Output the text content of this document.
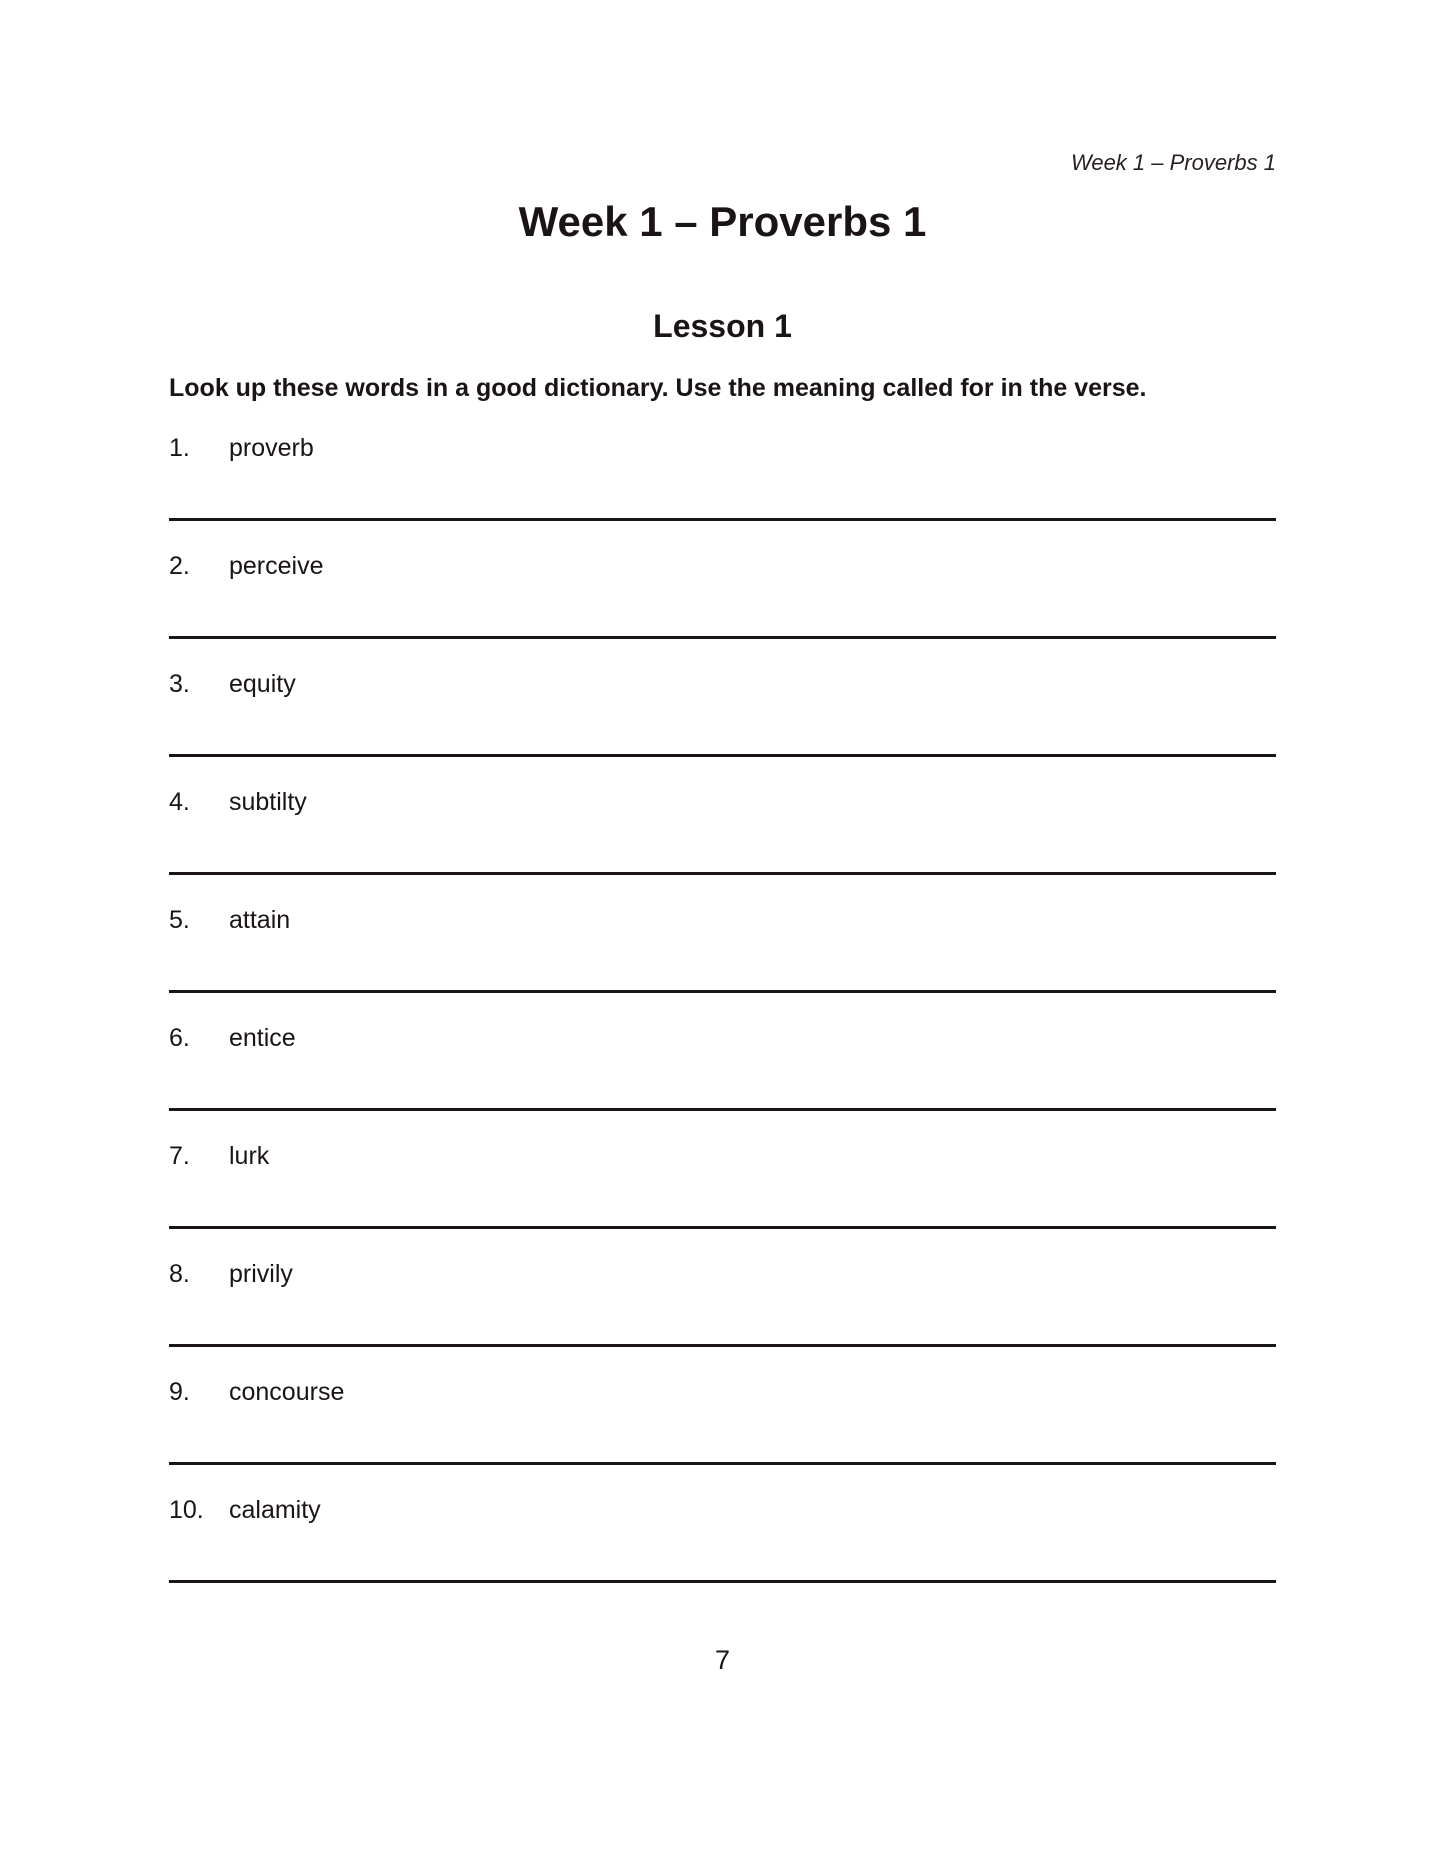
Week 1 – Proverbs 1
Week 1 – Proverbs 1
Lesson 1

Look up these words in a good dictionary. Use the meaning called for in the verse.

1. proverb
2. perceive
3. equity
4. subtilty
5. attain
6. entice
7. lurk
8. privily
9. concourse
10. calamity
7
